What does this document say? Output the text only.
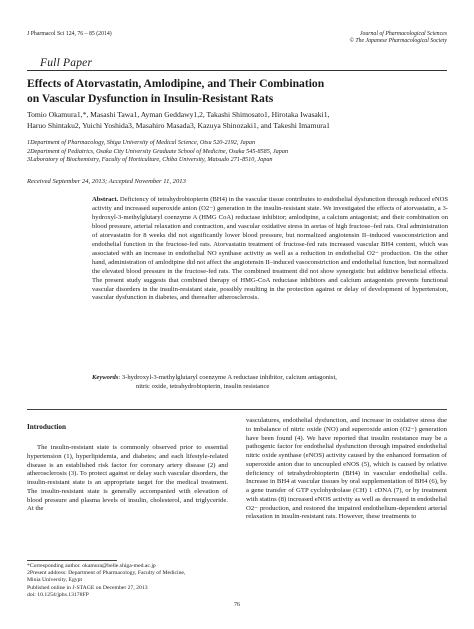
J Pharmacol Sci 124, 76 – 85 (2014)	Journal of Pharmacological Sciences
© The Japanese Pharmacological Society
Full Paper
Effects of Atorvastatin, Amlodipine, and Their Combination
on Vascular Dysfunction in Insulin-Resistant Rats
Tomio Okamura1,*, Masashi Tawa1, Ayman Geddawy1,2, Takashi Shimosato1, Hirotaka Iwasaki1,
Haruo Shintaku2, Yuichi Yoshida3, Masahiro Masada3, Kazuya Shinozaki1, and Takeshi Imamura1
1Department of Pharmacology, Shiga University of Medical Science, Otsu 520-2192, Japan
2Department of Pediatrics, Osaka City University Graduate School of Medicine, Osaka 545-8585, Japan
3Laboratory of Biochemistry, Faculty of Horticulture, Chiba University, Matsudo 271-8510, Japan
Received September 24, 2013; Accepted November 11, 2013
Abstract. Deficiency of tetrahydrobiopterin (BH4) in the vascular tissue contributes to endothelial dysfunction through reduced eNOS activity and increased superoxide anion (O2−) generation in the insulin-resistant state. We investigated the effects of atorvastatin, a 3-hydroxyl-3-methylglutaryl coenzyme A (HMG CoA) reductase inhibitor; amlodipine, a calcium antagonist; and their combination on blood pressure, arterial relaxation and contraction, and vascular oxidative stress in aortas of high fructose–fed rats. Oral administration of atorvastatin for 8 weeks did not significantly lower blood pressure, but normalized angiotensin II–induced vasoconstriction and endothelial function in the fructose-fed rats. Atorvastatin treatment of fructose-fed rats increased vascular BH4 content, which was associated with an increase in endothelial NO synthase activity as well as a reduction in endothelial O2− production. On the other hand, administration of amlodipine did not affect the angiotensin II–induced vasoconstriction and endothelial function, but normalized the elevated blood pressure in the fructose-fed rats. The combined treatment did not show synergistic but additive beneficial effects. The present study suggests that combined therapy of HMG-CoA reductase inhibitors and calcium antagonists prevents functional vascular disorders in the insulin-resistant state, possibly resulting in the protection against or delay of development of hypertension, vascular dysfunction in diabetes, and thereafter atherosclerosis.
Keywords: 3-hydroxyl-3-methylglutaryl coenzyme A reductase inhibitor, calcium antagonist,
nitric oxide, tetrahydrobiopterin, insulin resistance
Introduction

The insulin-resistant state is commonly observed prior to essential hypertension (1), hyperlipidemia, and diabetes; and each lifestyle-related disease is an established risk factor for coronary artery disease (2) and atherosclerosis (3). To protect against or delay such vascular disorders, the insulin-resistant state is an appropriate target for the medical treatment. The insulin-resistant state is generally accompanied with elevation of blood pressure and plasma levels of insulin, cholesterol, and triglyceride. At the

vasculatures, endothelial dysfunction, and increase in oxidative stress due to imbalance of nitric oxide (NO) and superoxide anion (O2−) generation have been found (4). We have reported that insulin resistance may be a pathogenic factor for endothelial dysfunction through impaired endothelial nitric oxide synthase (eNOS) activity caused by the enhanced formation of superoxide anion due to uncoupled eNOS (5), which is caused by relative deficiency of tetrahydrobiopterin (BH4) in vascular endothelial cells. Increase in BH4 at vascular tissues by oral supplementation of BH4 (6), by a gene transfer of GTP cyclohydrolase (CH) 1 cDNA (7), or by treatment with statins (8) increased eNOS activity as well as decreased in endothelial O2− production, and restored the impaired endothelium-dependent arterial relaxation in insulin-resistant rats. However, these treatments to

*Corresponding author. okamura@belle.shiga-med.ac.jp
2Present address: Department of Pharmacology, Faculty of Medicine,
Minia University, Egypt
Published online in J-STAGE on December 27, 2013
doi: 10.1254/jphs.13178FP
76
